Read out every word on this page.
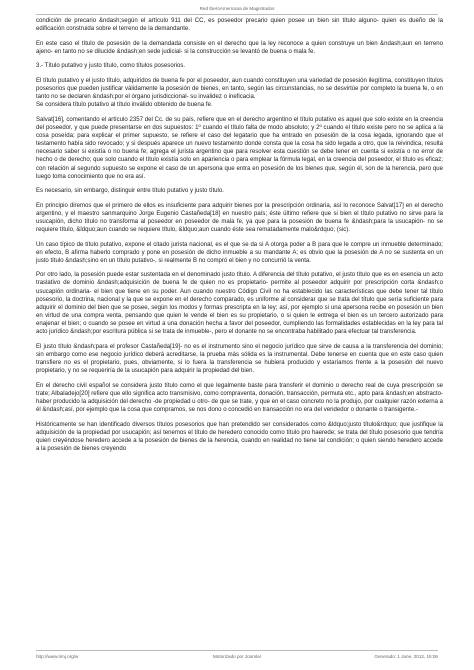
Red IberoAmericana de Magistrados

condición de precario &ndash;según el artículo 911 del CC, es poseedor precario quien posee un bien sin título alguno- quien es dueño de la edificación construida sobre el terreno de la demandante.

En este caso el título de posesión de la demandada consiste en el derecho que la ley reconoce a quien construye un bien &ndash;aun en terreno ajeno- en tanto no se dilucide &ndash;en sede judicial- si la construcción se levantó de buena o mala fe.

3.- Título putativo y justo título, como títulos posesorios.

El título putativo y el justo título, adquiridos de buena fe por el poseedor, aun cuando constituyen una variedad de posesión ilegítima, constituyen títulos posesorios que pueden justificar válidamente la posesión de bienes, en tanto, según las circunstancias, no se desvirtúe por completo la buena fe, o en tanto no se declaren &ndash;por el órgano jurisdiccional- su invalidez o ineficacia.

Se considera título putativo al título inválido obtenido de buena fe.

Salvat[16], comentando el artículo 2357 del Cc. de su país, refiere que en el derecho argentino el título putativo es aquel que solo existe en la creencia del poseedor, y que puede presentarse en dos supuestos: 1º cuando el título falta de modo absoluto; y 2º cuando el título existe pero no se aplica a la cosa poseída; para explicar el primer supuesto, se refiere el caso del legatario que ha entrado en posesión de la cosa legada, ignorando que el testamento había sido revocado; y si después aparece un nuevo testamento donde consta que la cosa ha sido legada a otro, que la reivindica, resulta necesario saber si existía o no buena fe; agrega el jurista argentino que para resolver esta cuestión se debe tener en cuenta si existía o no error de hecho o de derecho; que solo cuando el título existía solo en apariencia o para emplear la fórmula legal, en la creencia del poseedor, el título es eficaz; con relación al segundo supuesto se expone el caso de un apersona que entra en posesión de los bienes que, según él, son de la herencia, pero que luego toma conocimiento que no era así.

Es necesario, sin embargo, distinguir entre título putativo y justo título.

En principio diremos que el primero de ellos es insuficiente para adquirir bienes por la prescripción ordinaria, así lo reconoce Salvat[17] en el derecho argentino, y el maestro sanmarquino Jorge Eugenio Castañeda[18] en nuestro país; éste último refiere que si bien el título putativo no sirve para la usucapión, dicho título no transforma al poseedor en poseedor de mala fe, ya que para la posesión de buena fe &ndash;para la usucapión- no se requiere título, &ldquo;aun cuando se requiere título, &ldquo;aun cuando éste sea rematadamente malo&rdquo; (sic).

Un caso típico de título putativo, expone el citado jurista nacional, es el que se da si A otorga poder a B para que le compre un inmueble determinado; en efecto, B afirma haberlo comprado y pone en posesión de dicho inmueble a su mandante A; es obvio que la posesión de A no se sustenta en un justo título &ndash;sino en un título putativo-, si realmente B no compró el bien y no concurrió la venta.

Por otro lado, la posesión puede estar sustentada en el denominado justo título. A diferencia del título putativo, el justo título que es en esencia un acto traslativo de dominio &ndash;adquisición de buena fe de quien no es propietario- permite al poseedor adquirir por prescripción corta &ndash;o usucapión ordinaria- el bien que tiene en su poder. Aun cuando nuestro Código Civil no ha establecido las características que debe tener tal título posesorio, la doctrina, nacional y la que se expone en el derecho comparado, es uniforme al considerar que se trata del título que sería suficiente para adquirir el dominio del bien que se posee, según los modos y formas prescripta en la ley; así, por ejemplo si una apersona recibe en posesión un bien en virtud de una compra venta, pensando que quien le vende el bien es su propietario, o si quien le entrega el bien es un tercero autorizado para enajenar el bien; o cuando se posee en virtud a una donación hecha a favor del poseedor, cumpliendo las formalidades establecidas en la ley para tal acto jurídico &ndash;por escritura pública si se trata de inmueble-, pero el donante no se encontraba habilitado para efectuar tal transferencia.

El justo título &ndash;para el profesor Castañeda[19]- no es el instrumento sino el negocio jurídico que sirve de causa a la transferencia del dominio; sin embargo como ese negocio jurídico deberá acreditarse, la prueba más sólida es la instrumental. Debe tenerse en cuenta que en este caso quien transfiere no es el propietario, pues, obviamente, si lo fuera la transferencia se hubiera producido y estaríamos frente a la posesión del nuevo propietario, y no se requeriría de la usucapión para adquirir la propiedad del bien.

En el derecho civil español se considera justo título como el que legalmente baste para transferir el dominio o derecho real de cuya prescripción se trate; Albaladejo[20] refiere que ello significa acto transmisivo, como compraventa, donación, transacción, permuta etc., apto para &ndash;en abstracto- haber producido la adquisición del derecho -de propiedad u otro- de que se trate, y que en el caso concreto no la produjo, por cualquier razón externa a él &ndash;así, por ejemplo que la cosa que compramos, se nos dono o concedió en transacción no era del vendedor o donante o transigente.-

Históricamente se han identificado diversos títulos posesorios que han pretendido ser considerados como &ldquo;justo título&rdquo; que justifique la adquisición de la propiedad por usucapión; así tenemos el título de heredero conocido como título pro haerede; se trata del título posesorio que tendría quien creyéndose heredero accede a la posesión de bienes de la herencia, cuando en realidad no tiene tal condición; o quien siendo heredero accede a la posesión de bienes creyendo

http://www.rimj.org/w	Motorizado por Joomla!	Generado: 1 June, 2012, 15:06
